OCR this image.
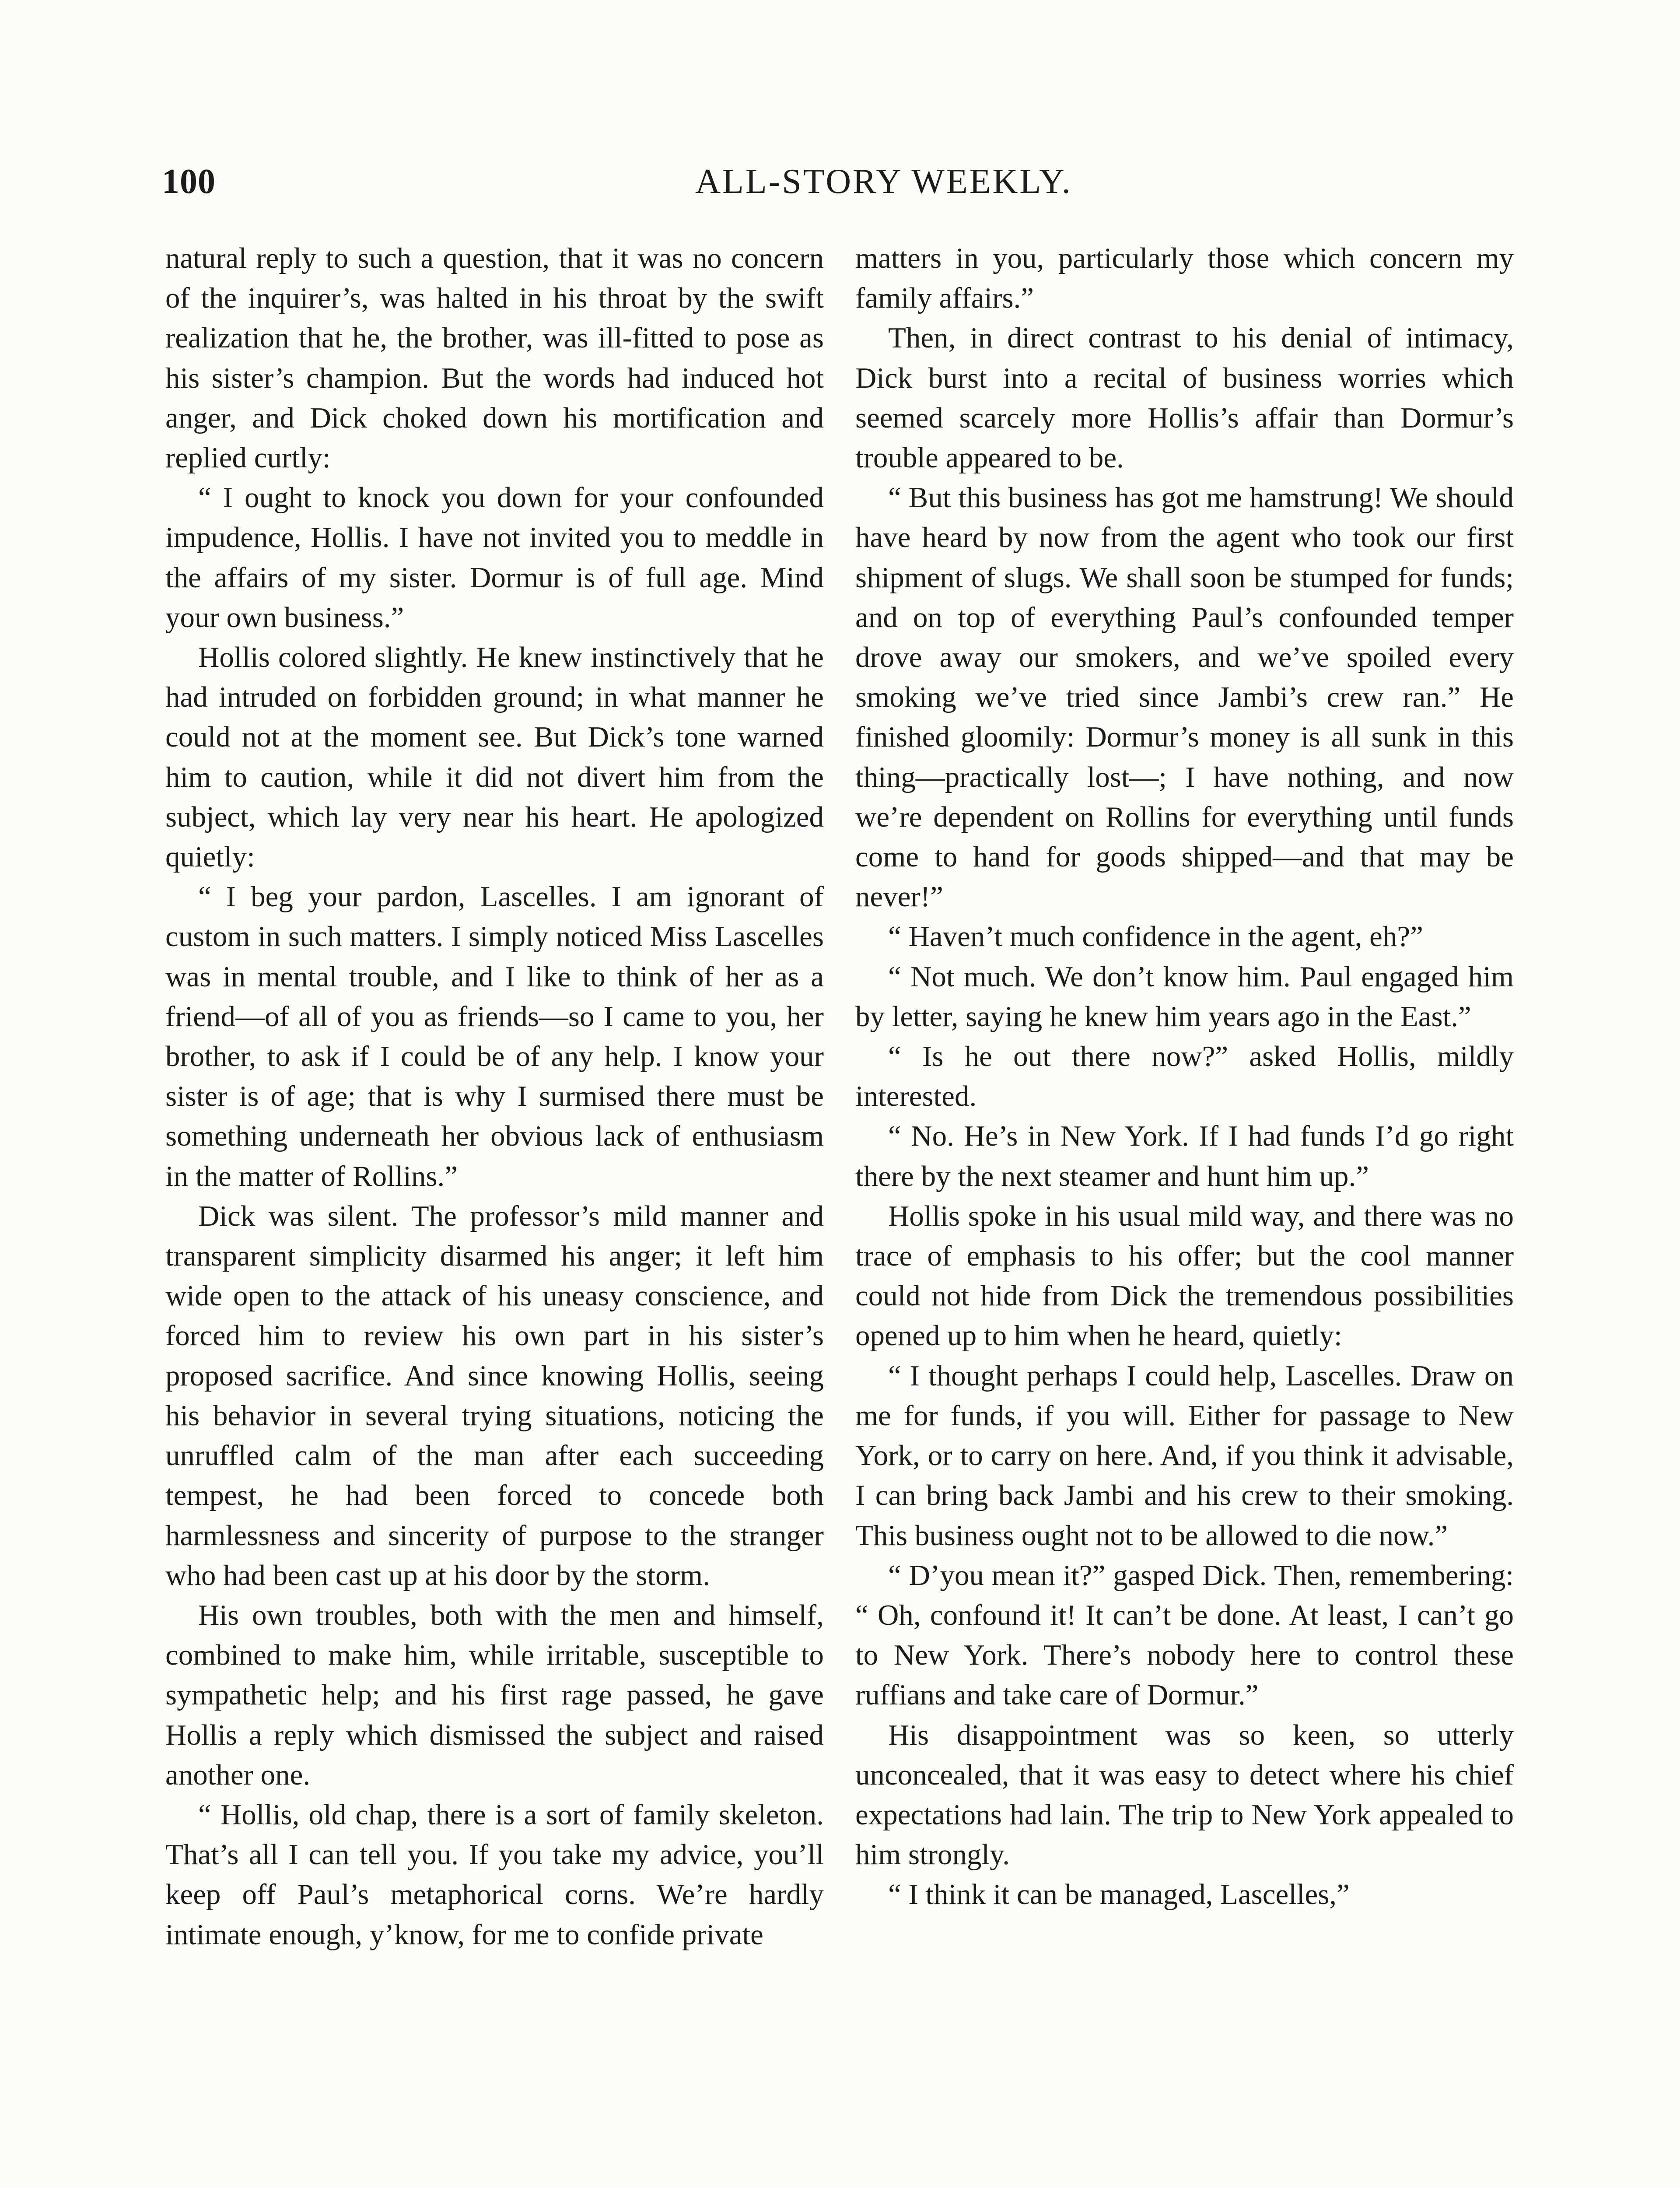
100	ALL-STORY WEEKLY.

natural reply to such a question, that it was no concern of the inquirer’s, was halted in his throat by the swift realization that he, the brother, was ill-fitted to pose as his sister’s champion. But the words had induced hot anger, and Dick choked down his mortification and replied curtly:

“ I ought to knock you down for your confounded impudence, Hollis. I have not invited you to meddle in the affairs of my sister. Dormur is of full age. Mind your own business.”

Hollis colored slightly. He knew instinctively that he had intruded on forbidden ground; in what manner he could not at the moment see. But Dick’s tone warned him to caution, while it did not divert him from the subject, which lay very near his heart. He apologized quietly:

“ I beg your pardon, Lascelles. I am ignorant of custom in such matters. I simply noticed Miss Lascelles was in mental trouble, and I like to think of her as a friend—of all of you as friends—so I came to you, her brother, to ask if I could be of any help. I know your sister is of age; that is why I surmised there must be something underneath her obvious lack of enthusiasm in the matter of Rollins.”

Dick was silent. The professor’s mild manner and transparent simplicity disarmed his anger; it left him wide open to the attack of his uneasy conscience, and forced him to review his own part in his sister’s proposed sacrifice. And since knowing Hollis, seeing his behavior in several trying situations, noticing the unruffled calm of the man after each succeeding tempest, he had been forced to concede both harmlessness and sincerity of purpose to the stranger who had been cast up at his door by the storm.

His own troubles, both with the men and himself, combined to make him, while irritable, susceptible to sympathetic help; and his first rage passed, he gave Hollis a reply which dismissed the subject and raised another one.

“ Hollis, old chap, there is a sort of family skeleton. That’s all I can tell you. If you take my advice, you’ll keep off Paul’s metaphorical corns. We’re hardly intimate enough, y’know, for me to confide private

matters in you, particularly those which concern my family affairs.”

Then, in direct contrast to his denial of intimacy, Dick burst into a recital of business worries which seemed scarcely more Hollis’s affair than Dormur’s trouble appeared to be.

“ But this business has got me hamstrung! We should have heard by now from the agent who took our first shipment of slugs. We shall soon be stumped for funds; and on top of everything Paul’s confounded temper drove away our smokers, and we’ve spoiled every smoking we’ve tried since Jambi’s crew ran.” He finished gloomily: Dormur’s money is all sunk in this thing—practically lost—; I have nothing, and now we’re dependent on Rollins for everything until funds come to hand for goods shipped—and that may be never!”

“ Haven’t much confidence in the agent, eh?”

“ Not much. We don’t know him. Paul engaged him by letter, saying he knew him years ago in the East.”

“ Is he out there now?” asked Hollis, mildly interested.

“ No. He’s in New York. If I had funds I’d go right there by the next steamer and hunt him up.”

Hollis spoke in his usual mild way, and there was no trace of emphasis to his offer; but the cool manner could not hide from Dick the tremendous possibilities opened up to him when he heard, quietly:

“ I thought perhaps I could help, Lascelles. Draw on me for funds, if you will. Either for passage to New York, or to carry on here. And, if you think it advisable, I can bring back Jambi and his crew to their smoking. This business ought not to be allowed to die now.”

“ D’you mean it?” gasped Dick. Then, remembering: “ Oh, confound it! It can’t be done. At least, I can’t go to New York. There’s nobody here to control these ruffians and take care of Dormur.”

His disappointment was so keen, so utterly unconcealed, that it was easy to detect where his chief expectations had lain. The trip to New York appealed to him strongly.

“ I think it can be managed, Lascelles,”
